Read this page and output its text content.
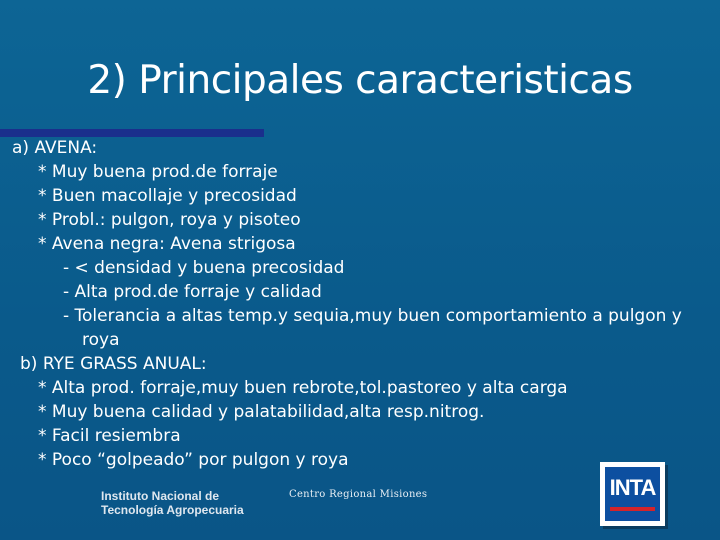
2) Principales caracteristicas
a) AVENA:
* Muy buena prod.de forraje
* Buen macollaje y precosidad
* Probl.: pulgon, roya y pisoteo
* Avena negra: Avena strigosa
- < densidad y buena precosidad
- Alta prod.de forraje y calidad
- Tolerancia a altas temp.y sequia,muy buen comportamiento a pulgon y
roya
b) RYE GRASS ANUAL:
* Alta prod. forraje,muy buen rebrote,tol.pastoreo y alta carga
* Muy buena calidad y palatabilidad,alta resp.nitrog.
* Facil resiembra
* Poco “golpeado” por pulgon y roya
Instituto Nacional de
Tecnología Agropecuaria
Centro Regional Misiones	INTA
